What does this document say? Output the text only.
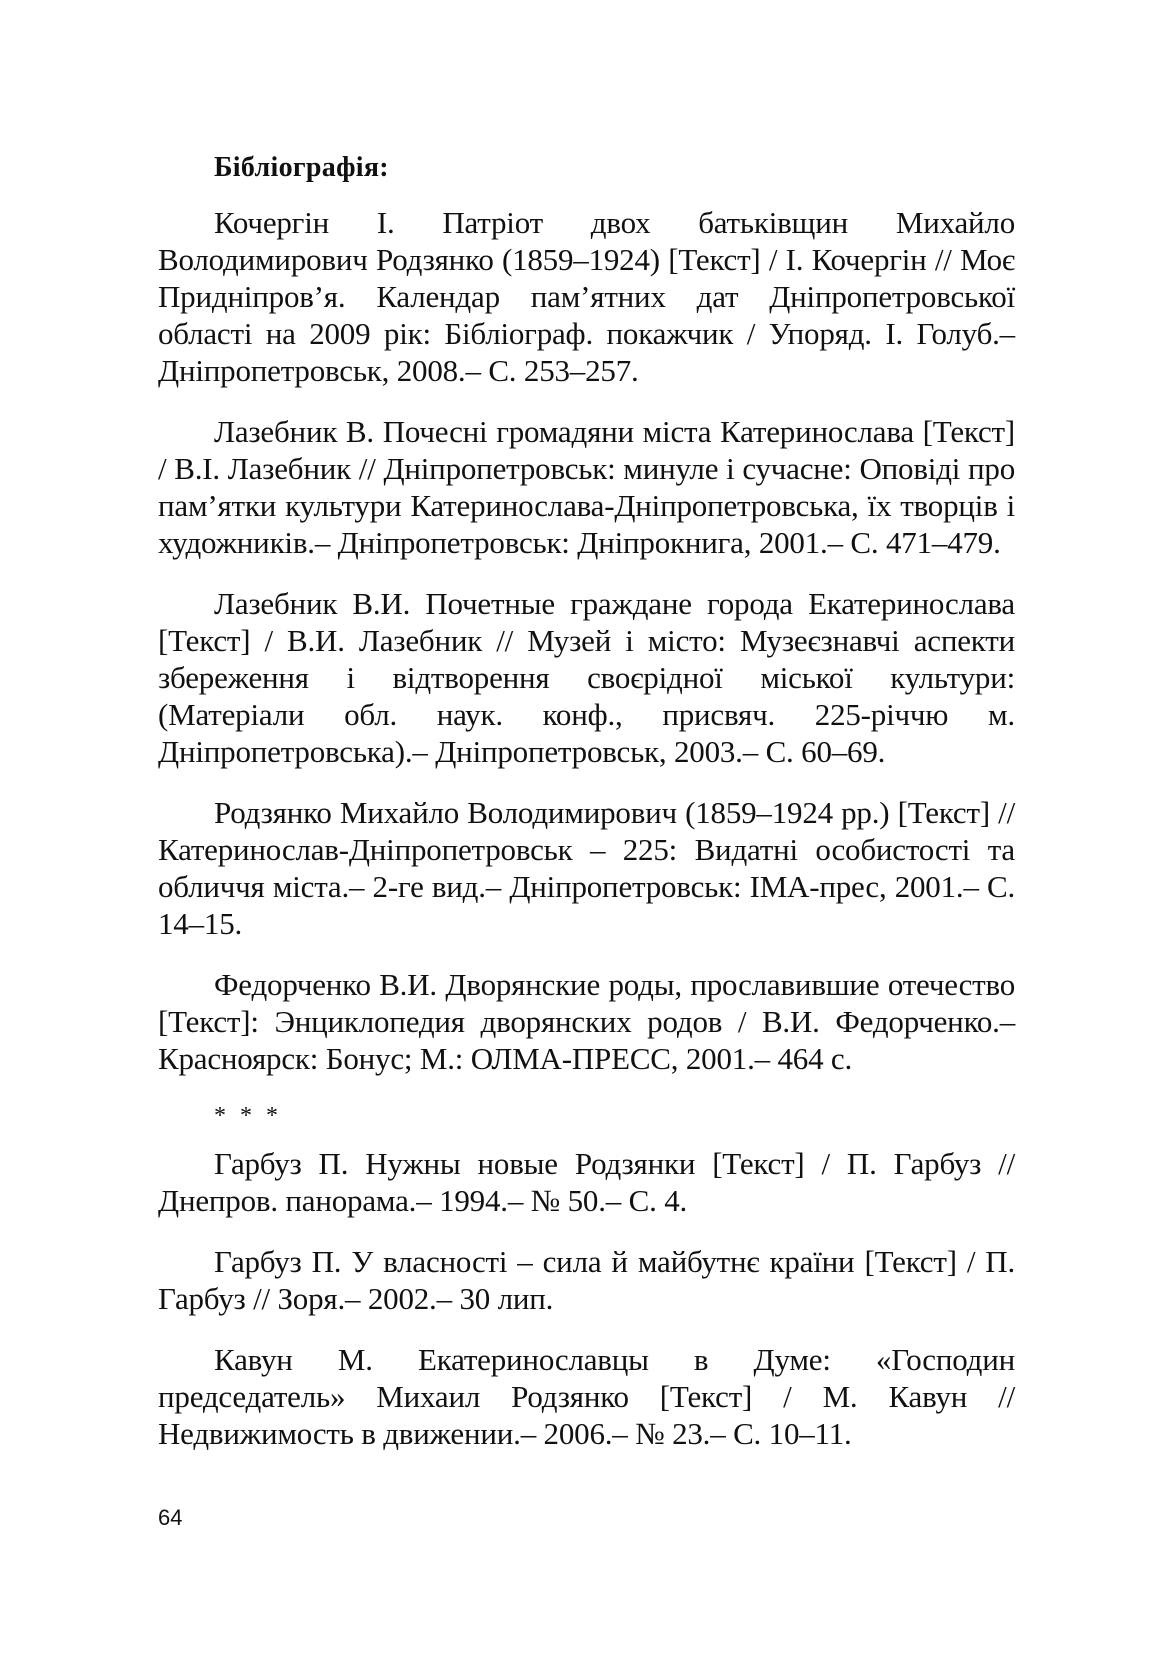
Бібліографія:

Кочергін І. Патріот двох батьківщин Михайло Володимирович Родзянко (1859–1924) [Текст] / І. Кочергін // Моє Придніпров’я. Календар пам’ятних дат Дніпропетровської області на 2009 рік: Бібліограф. покажчик / Упоряд. І. Голуб.– Дніпропетровськ, 2008.– С. 253–257.

Лазебник В. Почесні громадяни міста Катеринослава [Текст] / В.І. Лазебник // Дніпропетровськ: минуле і сучасне: Оповіді про пам’ятки культури Катеринослава-Дніпропетровська, їх творців і художників.– Дніпропетровськ: Дніпрокнига, 2001.– С. 471–479.

Лазебник В.И. Почетные граждане города Екатеринослава [Текст] / В.И. Лазебник // Музей і місто: Музеєзнавчі аспекти збереження і відтворення своєрідної міської культури: (Матеріали обл. наук. конф., присвяч. 225-річчю м. Дніпропетровська).– Дніпропетровськ, 2003.– С. 60–69.

Родзянко Михайло Володимирович (1859–1924 рр.) [Текст] // Катеринослав-Дніпропетровськ – 225: Видатні особистості та обличчя міста.– 2-ге вид.– Дніпропетровськ: ІМА-прес, 2001.– С. 14–15.

Федорченко В.И. Дворянские роды, прославившие отечество [Текст]: Энциклопедия дворянских родов / В.И. Федорченко.– Красноярск: Бонус; М.: ОЛМА-ПРЕСС, 2001.– 464 с.

* * *

Гарбуз П. Нужны новые Родзянки [Текст] / П. Гарбуз // Днепров. панорама.– 1994.– № 50.– С. 4.

Гарбуз П. У власності – сила й майбутнє країни [Текст] / П. Гарбуз // Зоря.– 2002.– 30 лип.

Кавун М. Екатеринославцы в Думе: «Господин председатель» Михаил Родзянко [Текст] / М. Кавун // Недвижимость в движении.– 2006.– № 23.– С. 10–11.

64
